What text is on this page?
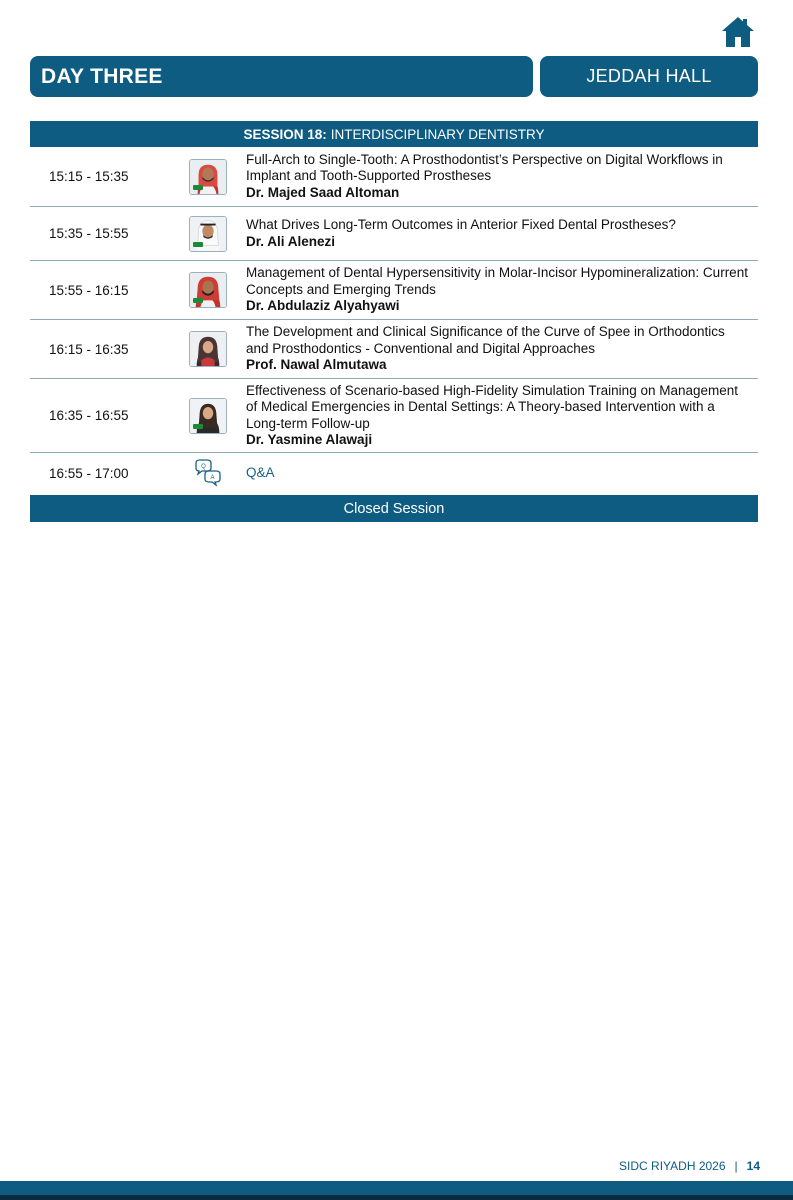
DAY THREE	JEDDAH HALL
SESSION 18: INTERDISCIPLINARY DENTISTRY
15:15 - 15:35
Full-Arch to Single-Tooth: A Prosthodontist’s Perspective on Digital Workflows in Implant and Tooth-Supported Prostheses
Dr. Majed Saad Altoman
15:35 - 15:55
What Drives Long-Term Outcomes in Anterior Fixed Dental Prostheses?
Dr. Ali Alenezi
15:55 - 16:15
Management of Dental Hypersensitivity in Molar-Incisor Hypomineralization: Current Concepts and Emerging Trends
Dr. Abdulaziz Alyahyawi
16:15 - 16:35
The Development and Clinical Significance of the Curve of Spee in Orthodontics and Prosthodontics - Conventional and Digital Approaches
Prof. Nawal Almutawa
16:35 - 16:55
Effectiveness of Scenario-based High-Fidelity Simulation Training on Management of Medical Emergencies in Dental Settings: A Theory-based Intervention with a Long-term Follow-up
Dr. Yasmine Alawaji
16:55 - 17:00	Q
A Q&A
Closed Session
SIDC RIYADH 2026 | 14
